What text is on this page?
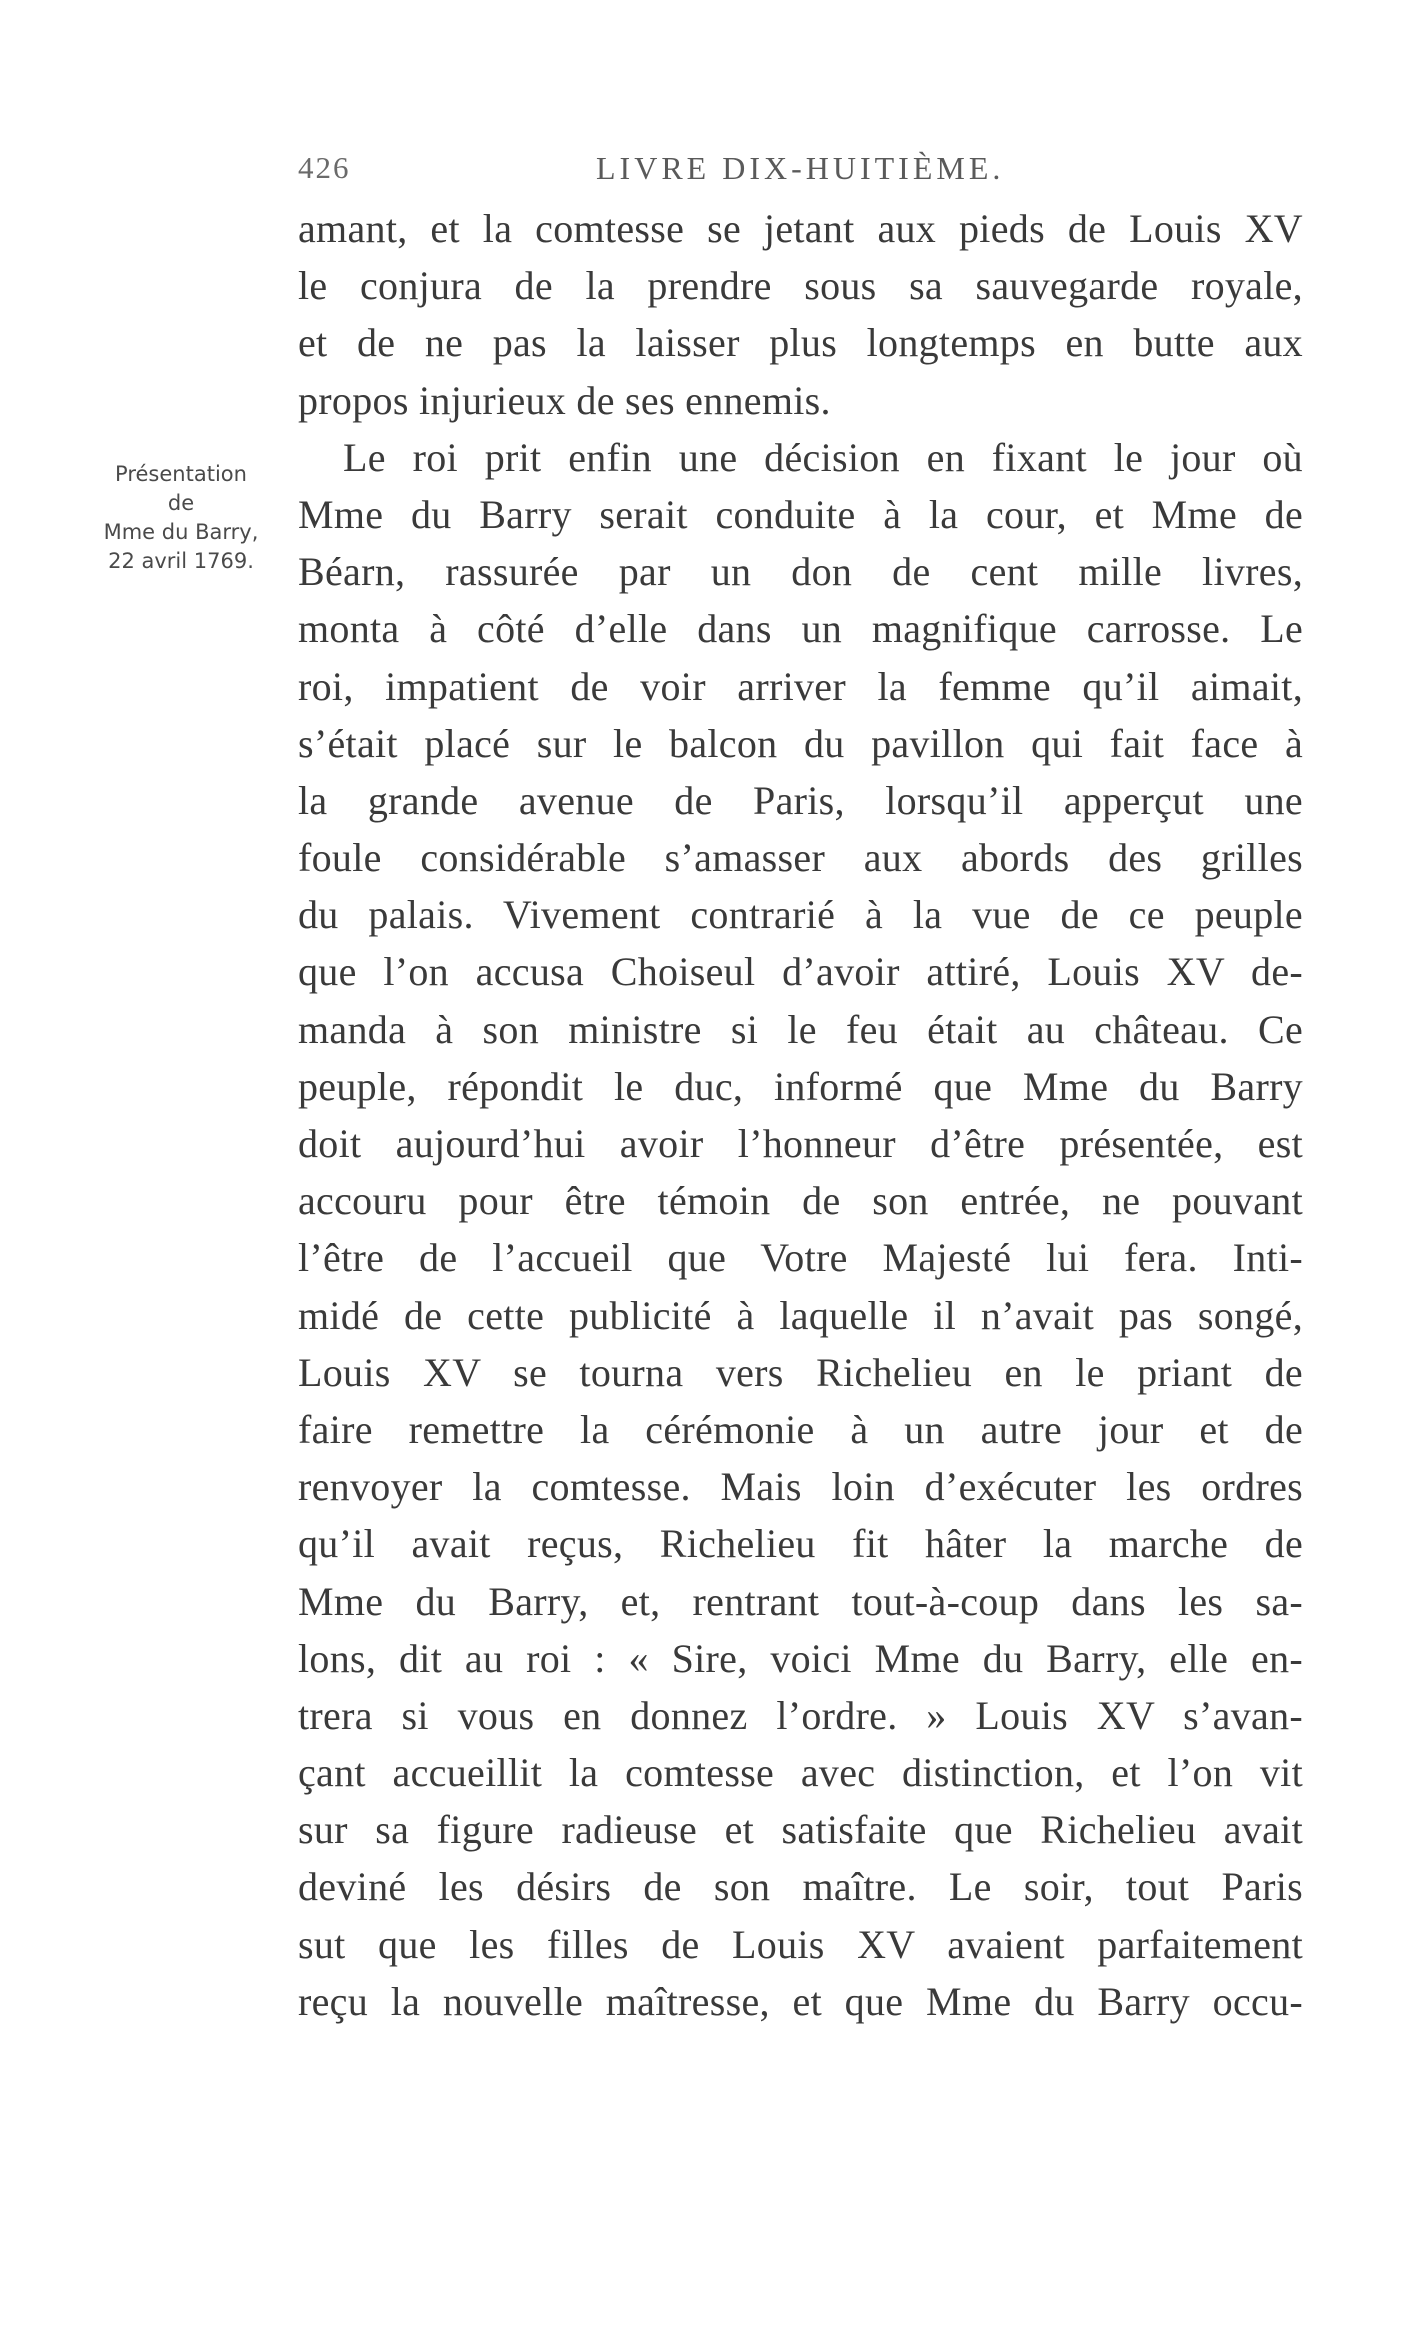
426	LIVRE DIX-HUITIÈME.
Présentation
de
Mme du Barry,
22 avril 1769.
amant, et la comtesse se jetant aux pieds de Louis XV
le conjura de la prendre sous sa sauvegarde royale,
et de ne pas la laisser plus longtemps en butte aux
propos injurieux de ses ennemis.
Le roi prit enfin une décision en fixant le jour où
Mme du Barry serait conduite à la cour, et Mme de
Béarn, rassurée par un don de cent mille livres,
monta à côté d’elle dans un magnifique carrosse. Le
roi, impatient de voir arriver la femme qu’il aimait,
s’était placé sur le balcon du pavillon qui fait face à
la grande avenue de Paris, lorsqu’il apperçut une
foule considérable s’amasser aux abords des grilles
du palais. Vivement contrarié à la vue de ce peuple
que l’on accusa Choiseul d’avoir attiré, Louis XV de-
manda à son ministre si le feu était au château. Ce
peuple, répondit le duc, informé que Mme du Barry
doit aujourd’hui avoir l’honneur d’être présentée, est
accouru pour être témoin de son entrée, ne pouvant
l’être de l’accueil que Votre Majesté lui fera. Inti-
midé de cette publicité à laquelle il n’avait pas songé,
Louis XV se tourna vers Richelieu en le priant de
faire remettre la cérémonie à un autre jour et de
renvoyer la comtesse. Mais loin d’exécuter les ordres
qu’il avait reçus, Richelieu fit hâter la marche de
Mme du Barry, et, rentrant tout-à-coup dans les sa-
lons, dit au roi : « Sire, voici Mme du Barry, elle en-
trera si vous en donnez l’ordre. » Louis XV s’avan-
çant accueillit la comtesse avec distinction, et l’on vit
sur sa figure radieuse et satisfaite que Richelieu avait
deviné les désirs de son maître. Le soir, tout Paris
sut que les filles de Louis XV avaient parfaitement
reçu la nouvelle maîtresse, et que Mme du Barry occu-
